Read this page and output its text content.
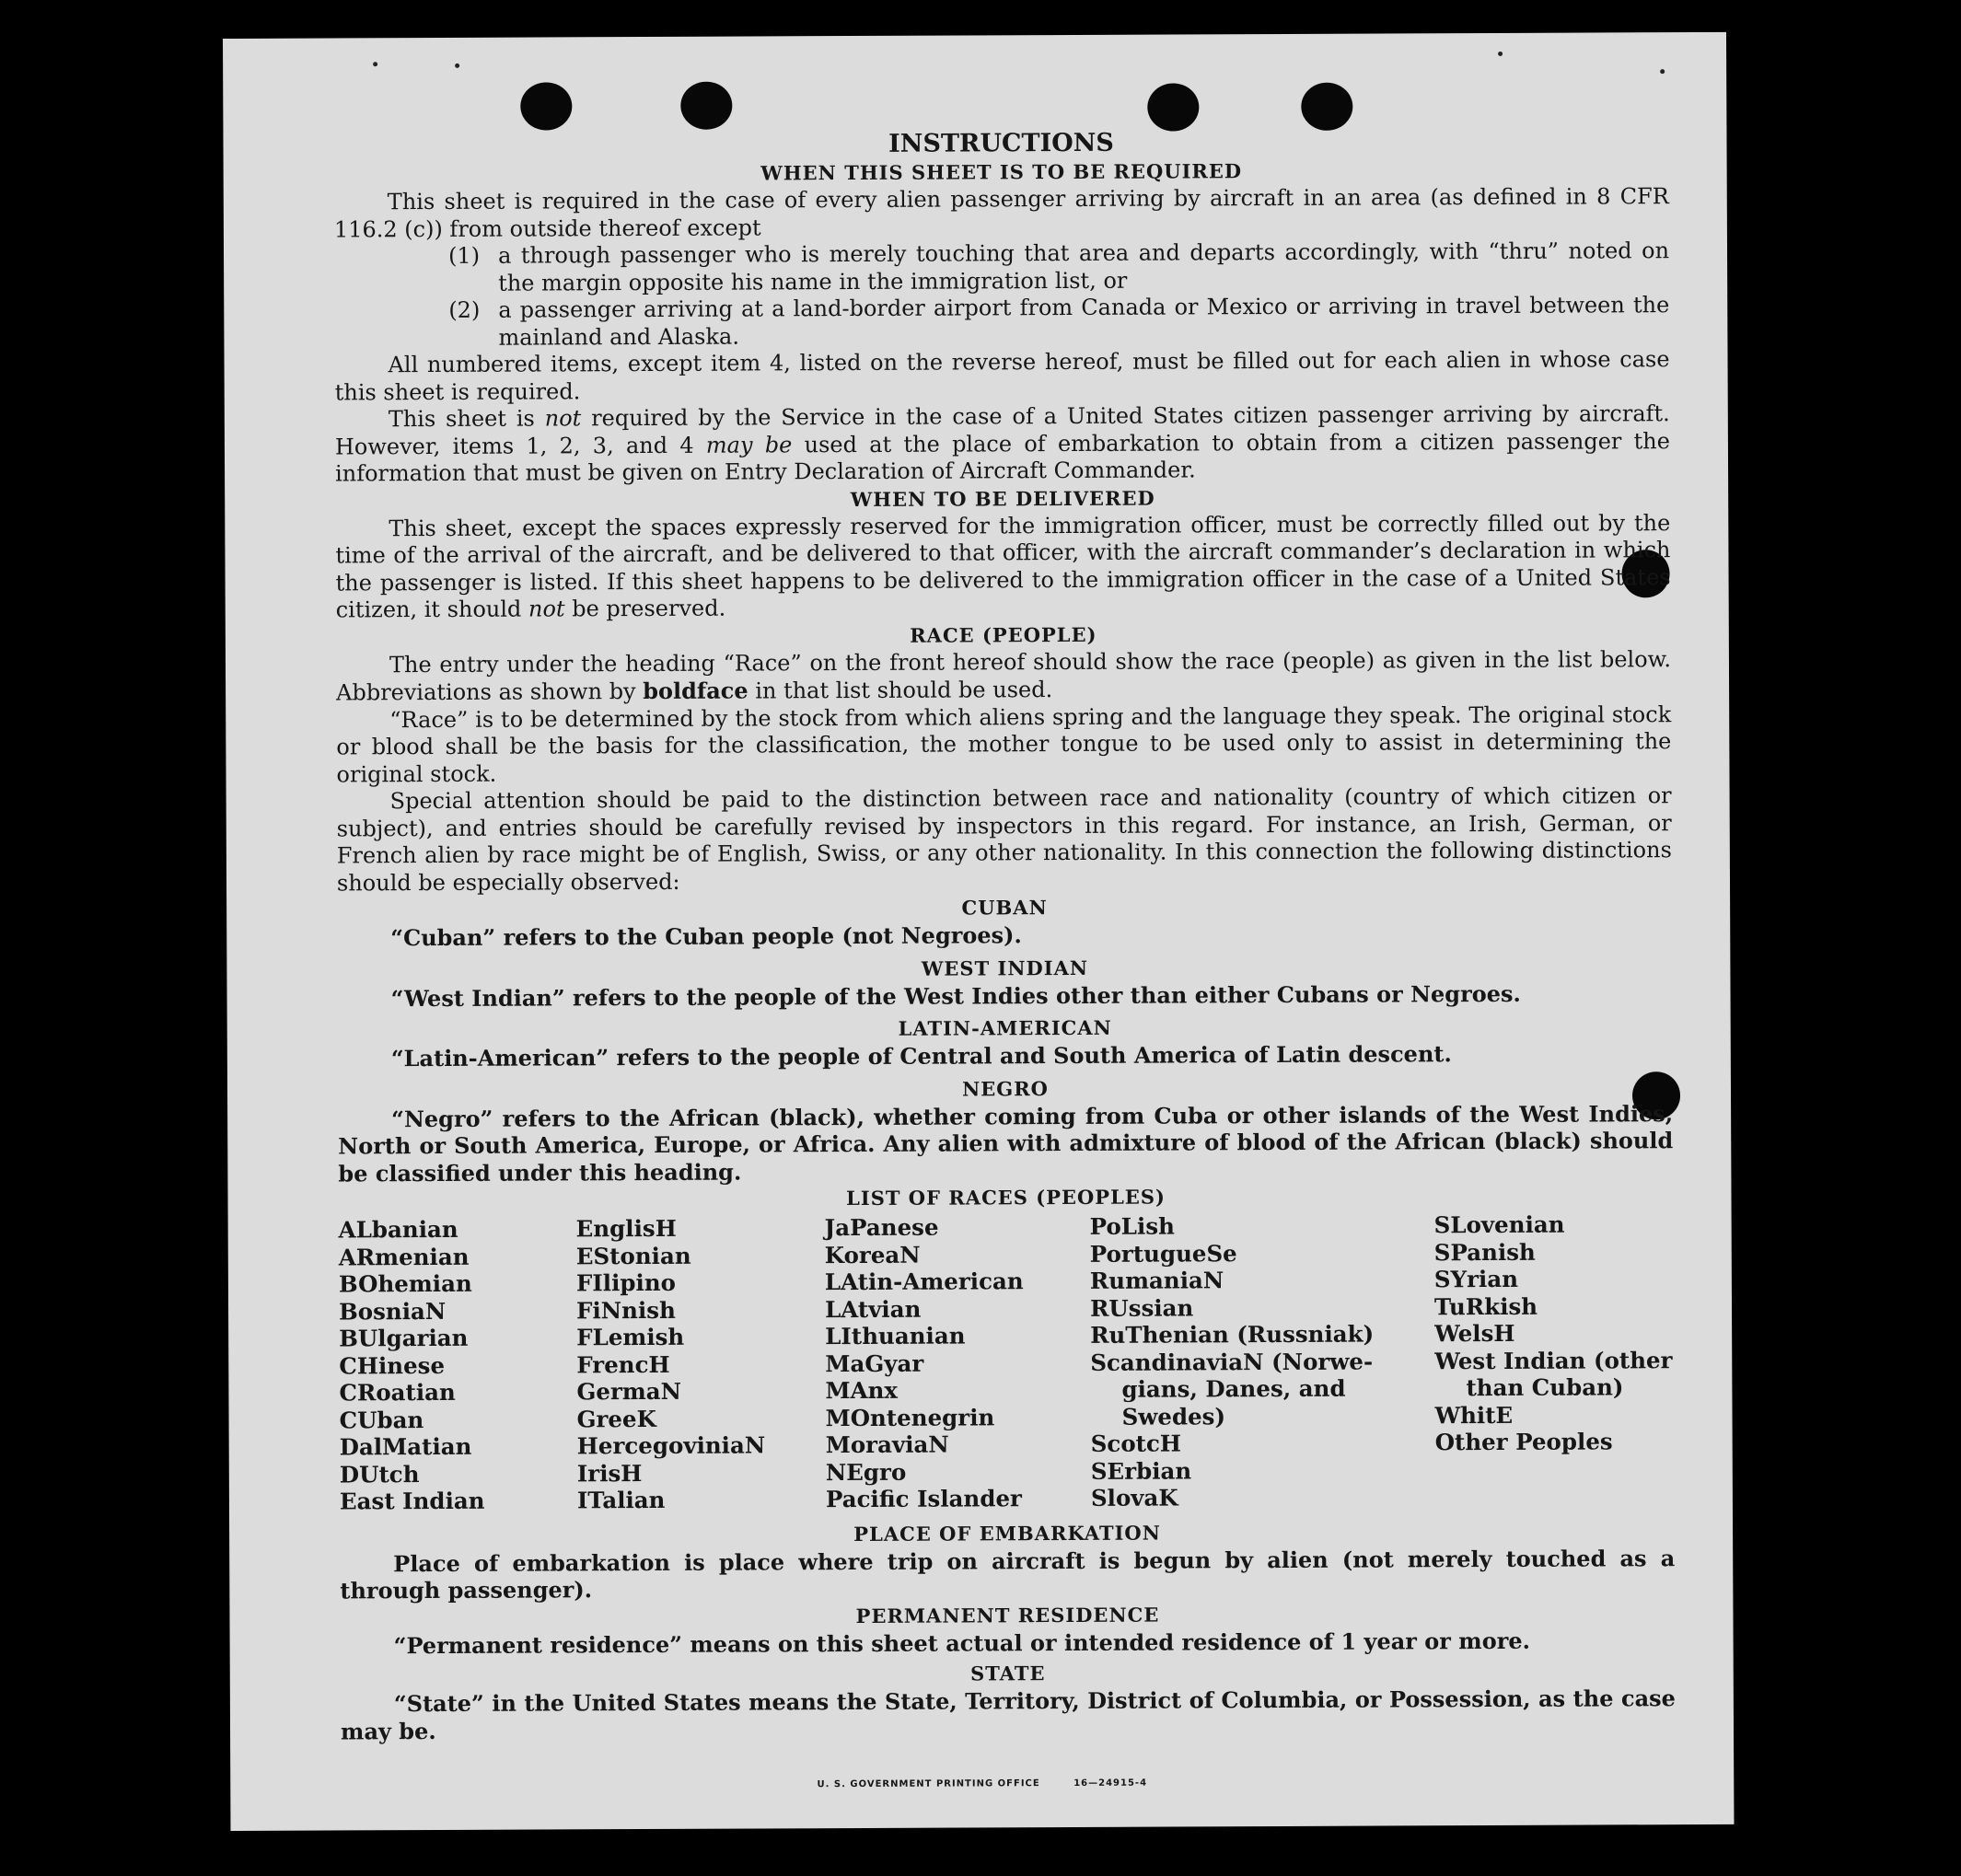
INSTRUCTIONS

WHEN THIS SHEET IS TO BE REQUIRED

This sheet is required in the case of every alien passenger arriving by aircraft in an area (as defined in 8 CFR 116.2 (c)) from outside thereof except

(1) a through passenger who is merely touching that area and departs accordingly, with “thru” noted on the margin opposite his name in the immigration list, or

(2) a passenger arriving at a land-border airport from Canada or Mexico or arriving in travel between the mainland and Alaska.

All numbered items, except item 4, listed on the reverse hereof, must be filled out for each alien in whose case this sheet is required.

This sheet is not required by the Service in the case of a United States citizen passenger arriving by aircraft. However, items 1, 2, 3, and 4 may be used at the place of embarkation to obtain from a citizen passenger the information that must be given on Entry Declaration of Aircraft Commander.

WHEN TO BE DELIVERED

This sheet, except the spaces expressly reserved for the immigration officer, must be correctly filled out by the time of the arrival of the aircraft, and be delivered to that officer, with the aircraft commander’s declaration in which the passenger is listed. If this sheet happens to be delivered to the immigration officer in the case of a United States citizen, it should not be preserved.

RACE (PEOPLE)

The entry under the heading “Race” on the front hereof should show the race (people) as given in the list below. Abbreviations as shown by boldface in that list should be used.

“Race” is to be determined by the stock from which aliens spring and the language they speak. The original stock or blood shall be the basis for the classification, the mother tongue to be used only to assist in determining the original stock.

Special attention should be paid to the distinction between race and nationality (country of which citizen or subject), and entries should be carefully revised by inspectors in this regard. For instance, an Irish, German, or French alien by race might be of English, Swiss, or any other nationality. In this connection the following distinctions should be especially observed:

CUBAN

“Cuban” refers to the Cuban people (not Negroes).

WEST INDIAN

“West Indian” refers to the people of the West Indies other than either Cubans or Negroes.

LATIN-AMERICAN

“Latin-American” refers to the people of Central and South America of Latin descent.

NEGRO

“Negro” refers to the African (black), whether coming from Cuba or other islands of the West Indies, North or South America, Europe, or Africa. Any alien with admixture of blood of the African (black) should be classified under this heading.

LIST OF RACES (PEOPLES)

ALbanian
ARmenian
BOhemian
BosniaN
BUlgarian
CHinese
CRoatian
CUban
DalMatian
DUtch
East Indian
EnglisH
EStonian
FIlipino
FiNnish
FLemish
FrencH
GermaN
GreeK
HercegoviniaN
IrisH
ITalian
JaPanese
KoreaN
LAtin-American
LAtvian
LIthuanian
MaGyar
MAnx
MOntenegrin
MoraviaN
NEgro
Pacific Islander
PoLish
PortugueSe
RumaniaN
RUssian
RuThenian (Russniak)
ScandinaviaN (Norwe-
gians, Danes, and
Swedes)
ScotcH
SErbian
SlovaK
SLovenian
SPanish
SYrian
TuRkish
WelsH
West Indian (other
than Cuban)
WhitE
Other Peoples

PLACE OF EMBARKATION

Place of embarkation is place where trip on aircraft is begun by alien (not merely touched as a through passenger).

PERMANENT RESIDENCE

“Permanent residence” means on this sheet actual or intended residence of 1 year or more.

STATE

“State” in the United States means the State, Territory, District of Columbia, or Possession, as the case may be.

U. S. GOVERNMENT PRINTING OFFICE	16—24915-4
